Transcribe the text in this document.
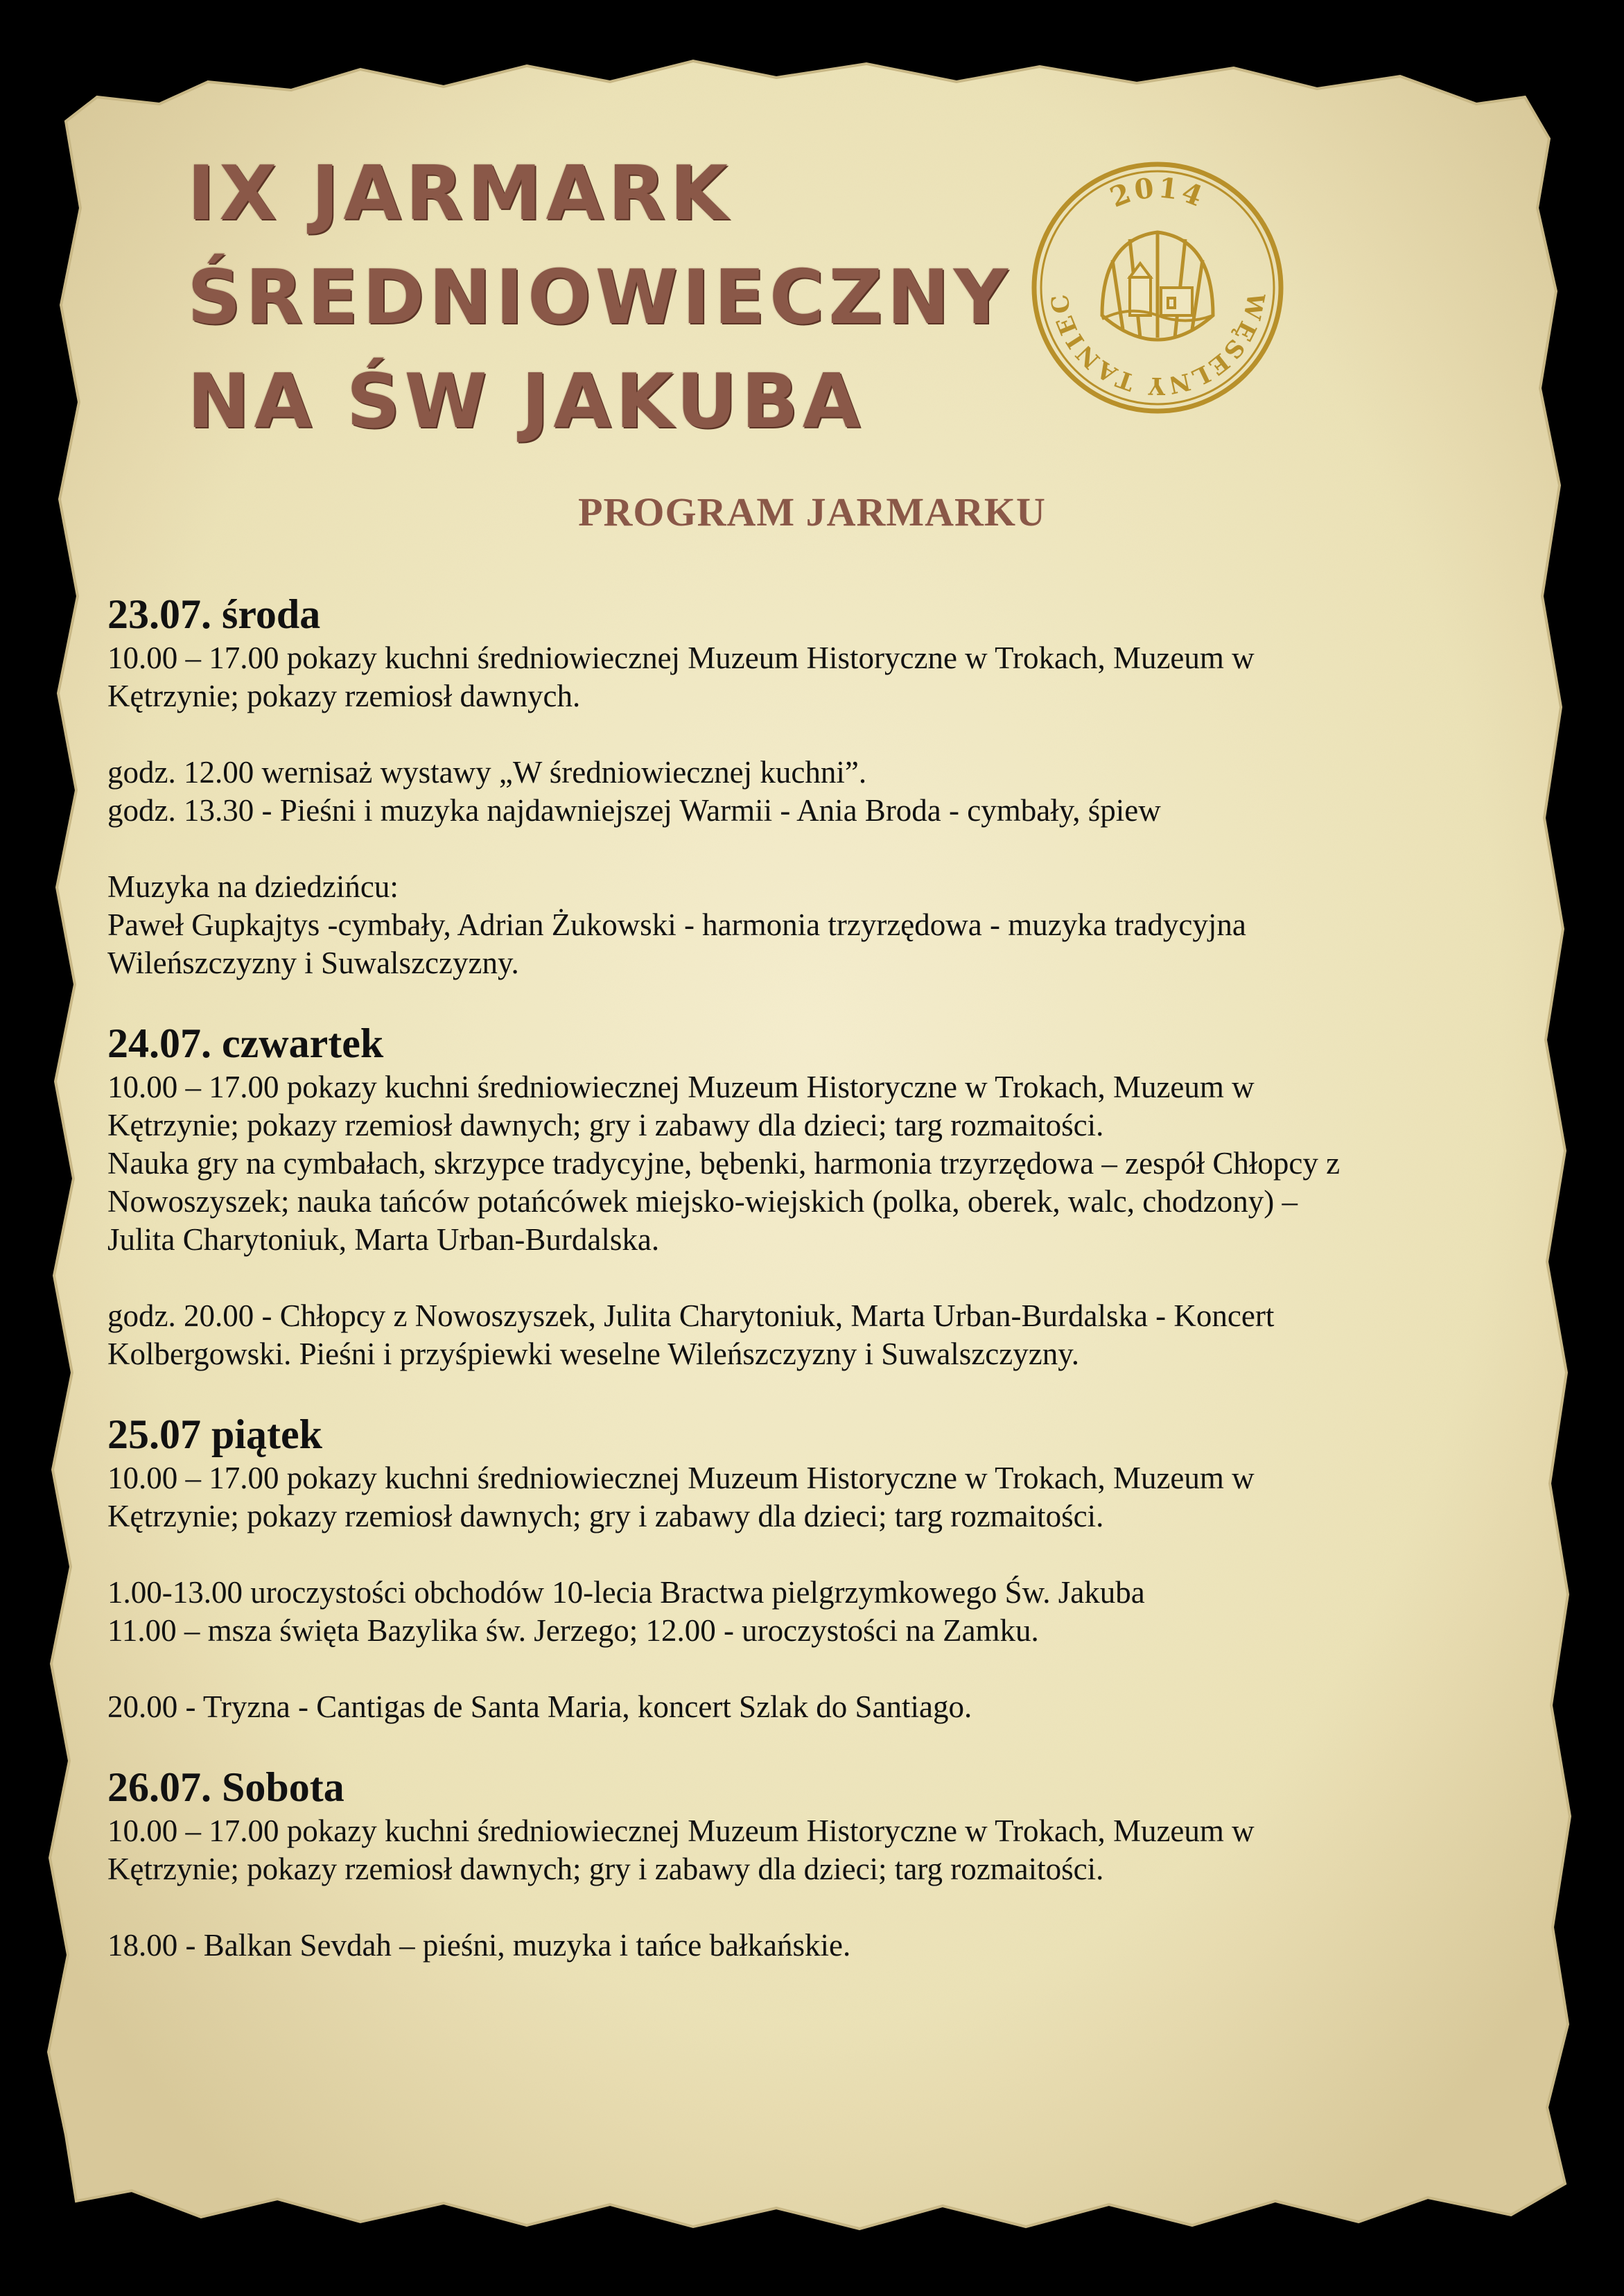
IX JARMARK
ŚREDNIOWIECZNY
NA ŚW JAKUBA
2014
WĘSELNY TANIEC
PROGRAM JARMARKU
23.07. środa

10.00 – 17.00 pokazy kuchni średniowiecznej Muzeum Historyczne w Trokach, Muzeum w
Kętrzynie; pokazy rzemiosł dawnych.

godz. 12.00 wernisaż wystawy „W średniowiecznej kuchni”.
godz. 13.30 - Pieśni i muzyka najdawniejszej Warmii - Ania Broda - cymbały, śpiew

Muzyka na dziedzińcu:
Paweł Gupkajtys -cymbały, Adrian Żukowski - harmonia trzyrzędowa - muzyka tradycyjna
Wileńszczyzny i Suwalszczyzny.

24.07. czwartek

10.00 – 17.00 pokazy kuchni średniowiecznej Muzeum Historyczne w Trokach, Muzeum w
Kętrzynie; pokazy rzemiosł dawnych; gry i zabawy dla dzieci; targ rozmaitości.
Nauka gry na cymbałach, skrzypce tradycyjne, bębenki, harmonia trzyrzędowa – zespół Chłopcy z
Nowoszyszek; nauka tańców potańcówek miejsko-wiejskich (polka, oberek, walc, chodzony) –
Julita Charytoniuk, Marta Urban-Burdalska.

godz. 20.00 - Chłopcy z Nowoszyszek, Julita Charytoniuk, Marta Urban-Burdalska - Koncert
Kolbergowski. Pieśni i przyśpiewki weselne Wileńszczyzny i Suwalszczyzny.

25.07 piątek

10.00 – 17.00 pokazy kuchni średniowiecznej Muzeum Historyczne w Trokach, Muzeum w
Kętrzynie; pokazy rzemiosł dawnych; gry i zabawy dla dzieci; targ rozmaitości.

1.00-13.00 uroczystości obchodów 10-lecia Bractwa pielgrzymkowego Św. Jakuba
11.00 – msza święta Bazylika św. Jerzego; 12.00 - uroczystości na Zamku.

20.00 - Tryzna - Cantigas de Santa Maria, koncert Szlak do Santiago.

26.07. Sobota

10.00 – 17.00 pokazy kuchni średniowiecznej Muzeum Historyczne w Trokach, Muzeum w
Kętrzynie; pokazy rzemiosł dawnych; gry i zabawy dla dzieci; targ rozmaitości.

18.00 - Balkan Sevdah – pieśni, muzyka i tańce bałkańskie.
